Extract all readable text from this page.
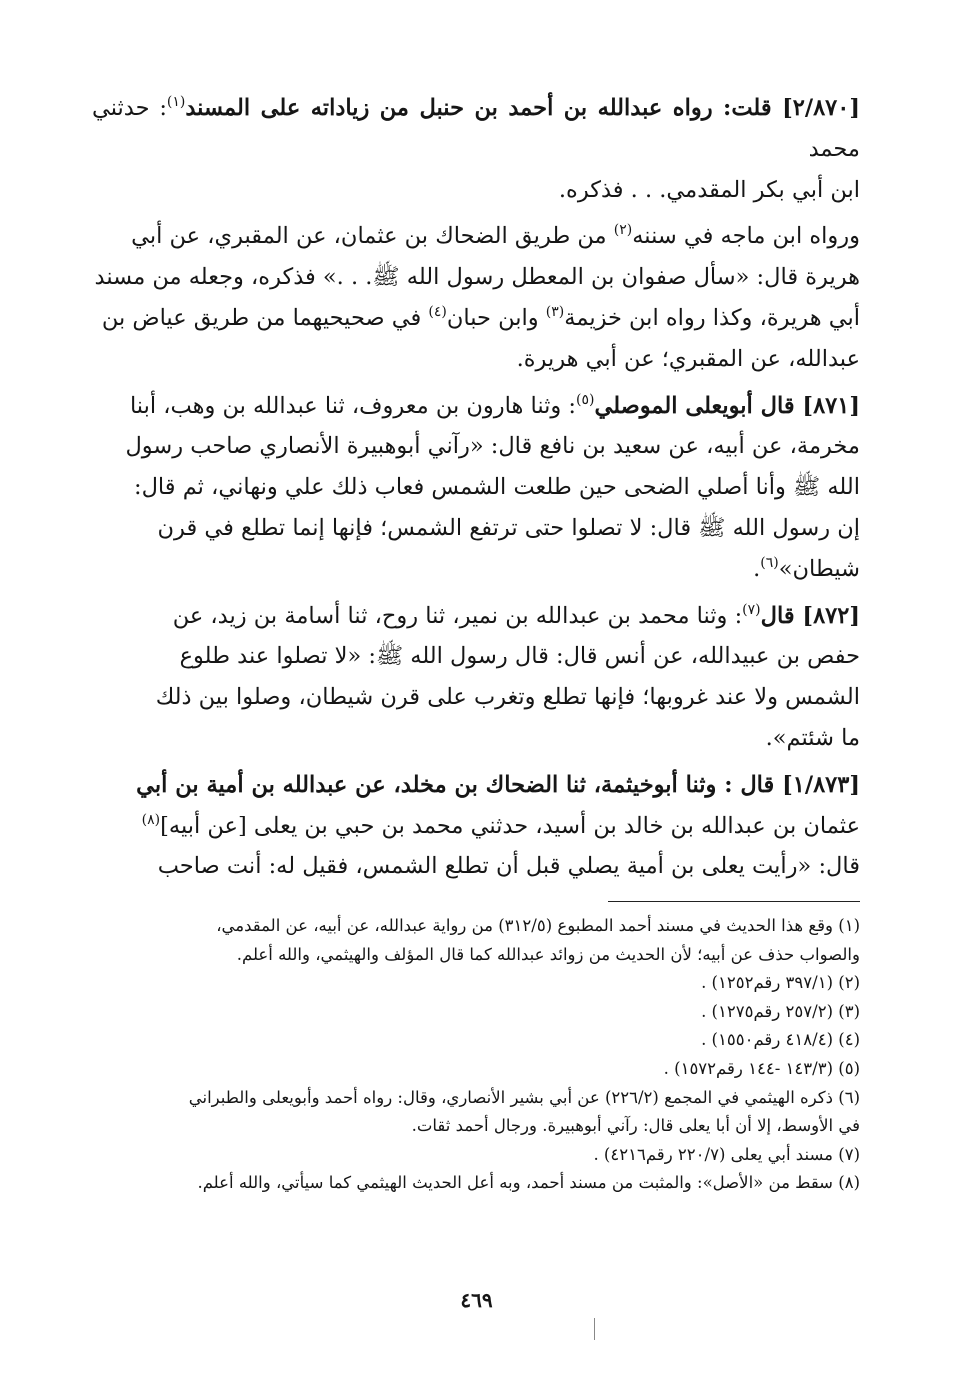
[٢/٨٧٠] قلت: رواه عبدالله بن أحمد بن حنبل من زياداته على المسند$^{(١)}$: حدثني محمد
ابن أبي بكر المقدمي. . . فذكره.
ورواه ابن ماجه في سننه$^{(٢)}$ من طريق الضحاك بن عثمان، عن المقبري، عن أبي
هريرة قال: «سأل صفوان بن المعطل رسول الله ﷺ. . .» فذكره، وجعله من مسند
أبي هريرة، وكذا رواه ابن خزيمة$^{(٣)}$ وابن حبان$^{(٤)}$ في صحيحيهما من طريق عياض بن
عبدالله، عن المقبري؛ عن أبي هريرة.
[٨٧١] قال أبويعلى الموصلي$^{(٥)}$: وثنا هارون بن معروف، ثنا عبدالله بن وهب، أبنا
مخرمة، عن أبيه، عن سعيد بن نافع قال: «رآني أبوهبيرة الأنصاري صاحب رسول
الله ﷺ وأنا أصلي الضحى حين طلعت الشمس فعاب ذلك علي ونهاني، ثم قال:
إن رسول الله ﷺ قال: لا تصلوا حتى ترتفع الشمس؛ فإنها إنما تطلع في قرن
شيطان»$^{(٦)}$.
[٨٧٢] قال$^{(٧)}$: وثنا محمد بن عبدالله بن نمير، ثنا روح، ثنا أسامة بن زيد، عن
حفص بن عبيدالله، عن أنس قال: قال رسول الله ﷺ: «لا تصلوا عند طلوع
الشمس ولا عند غروبها؛ فإنها تطلع وتغرب على قرن شيطان، وصلوا بين ذلك
ما شئتم».
[١/٨٧٣] قال : وثنا أبوخيثمة، ثنا الضحاك بن مخلد، عن عبدالله بن أمية بن أبي
عثمان بن عبدالله بن خالد بن أسيد، حدثني محمد بن حبي بن يعلى [عن أبيه]$^{(٨)}$
قال: «رأيت يعلى بن أمية يصلي قبل أن تطلع الشمس، فقيل له: أنت صاحب
(١) وقع هذا الحديث في مسند أحمد المطبوع (٣١٢/٥) من رواية عبدالله، عن أبيه، عن المقدمي،
والصواب حذف عن أبيه؛ لأن الحديث من زوائد عبدالله كما قال المؤلف والهيثمي، والله أعلم.
(٢) (٣٩٧/١ رقم١٢٥٢) .
(٣) (٢٥٧/٢ رقم١٢٧٥) .
(٤) (٤١٨/٤ رقم١٥٥٠) .
(٥) (١٤٣/٣ -١٤٤ رقم١٥٧٢) .
(٦) ذكره الهيثمي في المجمع (٢٢٦/٢) عن أبي بشير الأنصاري، وقال: رواه أحمد وأبويعلى والطبراني
في الأوسط، إلا أن أبا يعلى قال: رآني أبوهبيرة. ورجال أحمد ثقات.
(٧) مسند أبي يعلى (٢٢٠/٧ رقم٤٢١٦) .
(٨) سقط من «الأصل»: والمثبت من مسند أحمد، وبه أعل الحديث الهيثمي كما سيأتي، والله أعلم.
٤٦٩
